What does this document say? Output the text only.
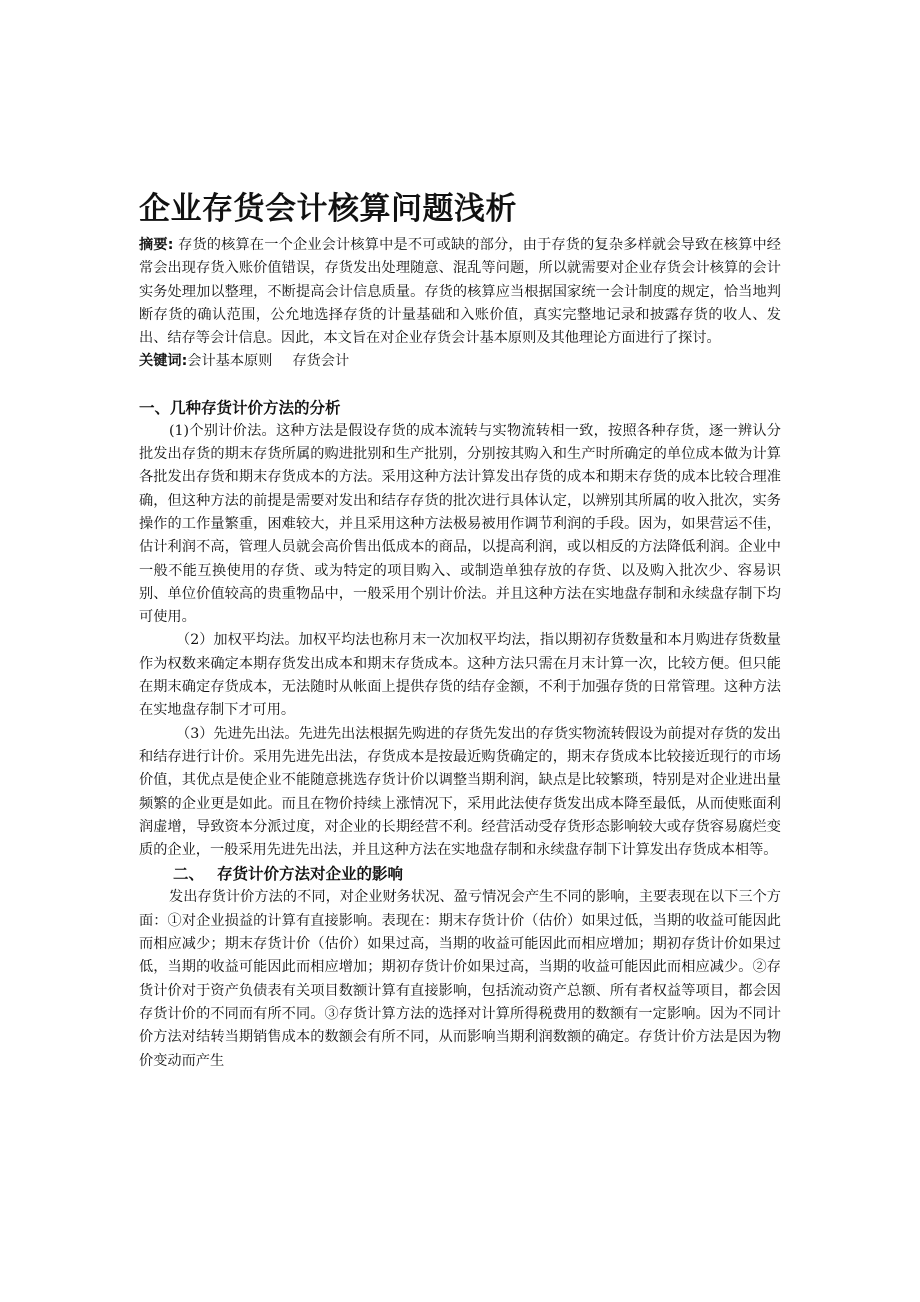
企业存货会计核算问题浅析

摘要: 存货的核算在一个企业会计核算中是不可或缺的部分，由于存货的复杂多样就会导致在核算中经常会出现存货入账价值错误，存货发出处理随意、混乱等问题，所以就需要对企业存货会计核算的会计实务处理加以整理，不断提高会计信息质量。存货的核算应当根据国家统一会计制度的规定，恰当地判断存货的确认范围，公允地选择存货的计量基础和入账价值，真实完整地记录和披露存货的收人、发出、结存等会计信息。因此，本文旨在对企业存货会计基本原则及其他理论方面进行了探讨。

关键词:会计基本原则 存货会计

一、几种存货计价方法的分析

(1)个别计价法。这种方法是假设存货的成本流转与实物流转相一致，按照各种存货，逐一辨认分批发出存货的期末存货所属的购进批别和生产批别，分别按其购入和生产时所确定的单位成本做为计算各批发出存货和期末存货成本的方法。采用这种方法计算发出存货的成本和期末存货的成本比较合理准确，但这种方法的前提是需要对发出和结存存货的批次进行具体认定，以辨别其所属的收入批次，实务操作的工作量繁重，困难较大，并且采用这种方法极易被用作调节利润的手段。因为，如果营运不佳，估计利润不高，管理人员就会高价售出低成本的商品，以提高利润，或以相反的方法降低利润。企业中一般不能互换使用的存货、或为特定的项目购入、或制造单独存放的存货、以及购入批次少、容易识别、单位价值较高的贵重物品中，一般采用个别计价法。并且这种方法在实地盘存制和永续盘存制下均可使用。

（2）加权平均法。加权平均法也称月末一次加权平均法，指以期初存货数量和本月购进存货数量作为权数来确定本期存货发出成本和期末存货成本。这种方法只需在月末计算一次，比较方便。但只能在期末确定存货成本，无法随时从帐面上提供存货的结存金额，不利于加强存货的日常管理。这种方法在实地盘存制下才可用。

（3）先进先出法。先进先出法根据先购进的存货先发出的存货实物流转假设为前提对存货的发出和结存进行计价。采用先进先出法，存货成本是按最近购货确定的，期末存货成本比较接近现行的市场价值，其优点是使企业不能随意挑选存货计价以调整当期利润，缺点是比较繁琐，特别是对企业进出量频繁的企业更是如此。而且在物价持续上涨情况下，采用此法使存货发出成本降至最低，从而使账面利润虚增，导致资本分派过度，对企业的长期经营不利。经营活动受存货形态影响较大或存货容易腐烂变质的企业，一般采用先进先出法，并且这种方法在实地盘存制和永续盘存制下计算发出存货成本相等。

二、 存货计价方法对企业的影响

发出存货计价方法的不同，对企业财务状况、盈亏情况会产生不同的影响，主要表现在以下三个方面：①对企业损益的计算有直接影响。表现在：期末存货计价（估价）如果过低，当期的收益可能因此而相应减少；期末存货计价（估价）如果过高，当期的收益可能因此而相应增加；期初存货计价如果过低，当期的收益可能因此而相应增加；期初存货计价如果过高，当期的收益可能因此而相应减少。②存货计价对于资产负债表有关项目数额计算有直接影响，包括流动资产总额、所有者权益等项目，都会因存货计价的不同而有所不同。③存货计算方法的选择对计算所得税费用的数额有一定影响。因为不同计价方法对结转当期销售成本的数额会有所不同，从而影响当期利润数额的确定。存货计价方法是因为物价变动而产生
